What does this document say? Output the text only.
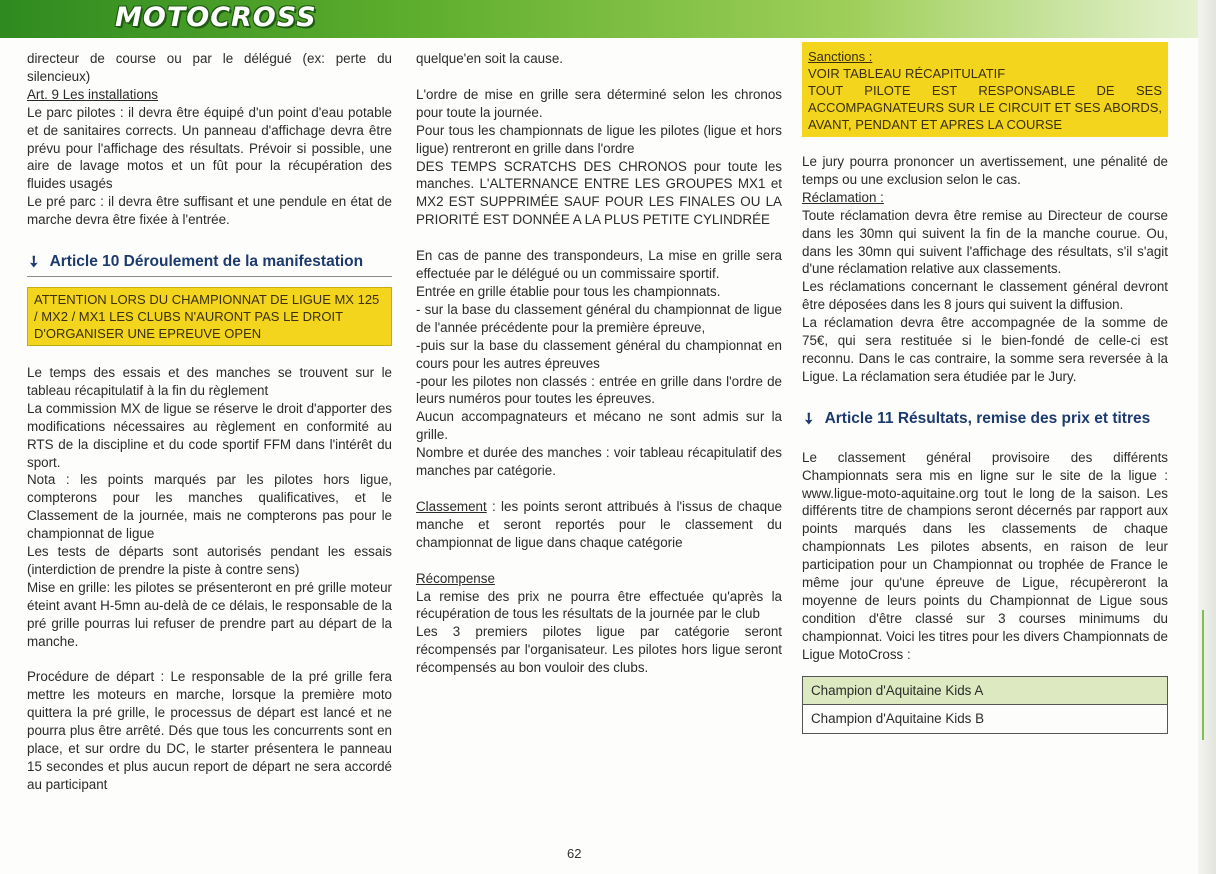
MOTOCROSS

directeur de course ou par le délégué (ex: perte du silencieux)

Art. 9 Les installations

Le parc pilotes : il devra être équipé d'un point d'eau potable et de sanitaires corrects. Un panneau d'affichage devra être prévu pour l'affichage des résultats. Prévoir si possible, une aire de lavage motos et un fût pour la récupération des fluides usagés

Le pré parc : il devra être suffisant et une pendule en état de marche devra être fixée à l'entrée.

➘ Article 10 Déroulement de la manifestation
ATTENTION LORS DU CHAMPIONNAT DE LIGUE MX 125 / MX2 / MX1 LES CLUBS N'AURONT PAS LE DROIT D'ORGANISER UNE EPREUVE OPEN

Le temps des essais et des manches se trouvent sur le tableau récapitulatif à la fin du règlement

La commission MX de ligue se réserve le droit d'apporter des modifications nécessaires au règlement en conformité au RTS de la discipline et du code sportif FFM dans l'intérêt du sport.

Nota : les points marqués par les pilotes hors ligue, compterons pour les manches qualificatives, et le Classement de la journée, mais ne compterons pas pour le championnat de ligue

Les tests de départs sont autorisés pendant les essais (interdiction de prendre la piste à contre sens)

Mise en grille: les pilotes se présenteront en pré grille moteur éteint avant H-5mn au-delà de ce délais, le responsable de la pré grille pourras lui refuser de prendre part au départ de la manche.

Procédure de départ : Le responsable de la pré grille fera mettre les moteurs en marche, lorsque la première moto quittera la pré grille, le processus de départ est lancé et ne pourra plus être arrêté. Dés que tous les concurrents sont en place, et sur ordre du DC, le starter présentera le panneau 15 secondes et plus aucun report de départ ne sera accordé au participant

quelque'en soit la cause.

L'ordre de mise en grille sera déterminé selon les chronos pour toute la journée.

Pour tous les championnats de ligue les pilotes (ligue et hors ligue) rentreront en grille dans l'ordre

DES TEMPS SCRATCHS DES CHRONOS pour toute les manches. L'ALTERNANCE ENTRE LES GROUPES MX1 et MX2 EST SUPPRIMÉE SAUF POUR LES FINALES OU LA PRIORITÉ EST DONNÉE A LA PLUS PETITE CYLINDRÉE

En cas de panne des transpondeurs, La mise en grille sera effectuée par le délégué ou un commissaire sportif.

Entrée en grille établie pour tous les championnats.

- sur la base du classement général du championnat de ligue de l'année précédente pour la première épreuve,

-puis sur la base du classement général du championnat en cours pour les autres épreuves

-pour les pilotes non classés : entrée en grille dans l'ordre de leurs numéros pour toutes les épreuves.

Aucun accompagnateurs et mécano ne sont admis sur la grille.

Nombre et durée des manches : voir tableau récapitulatif des manches par catégorie.

Classement : les points seront attribués à l'issus de chaque manche et seront reportés pour le classement du championnat de ligue dans chaque catégorie

Récompense

La remise des prix ne pourra être effectuée qu'après la récupération de tous les résultats de la journée par le club

Les 3 premiers pilotes ligue par catégorie seront récompensés par l'organisateur. Les pilotes hors ligue seront récompensés au bon vouloir des clubs.

Sanctions :
VOIR TABLEAU RÉCAPITULATIF
TOUT PILOTE EST RESPONSABLE DE SES ACCOMPAGNATEURS SUR LE CIRCUIT ET SES ABORDS, AVANT, PENDANT ET APRES LA COURSE

Le jury pourra prononcer un avertissement, une pénalité de temps ou une exclusion selon le cas.

Réclamation :

Toute réclamation devra être remise au Directeur de course dans les 30mn qui suivent la fin de la manche courue. Ou, dans les 30mn qui suivent l'affichage des résultats, s'il s'agit d'une réclamation relative aux classements.

Les réclamations concernant le classement général devront être déposées dans les 8 jours qui suivent la diffusion.

La réclamation devra être accompagnée de la somme de 75€, qui sera restituée si le bien-fondé de celle-ci est reconnu. Dans le cas contraire, la somme sera reversée à la Ligue. La réclamation sera étudiée par le Jury.

➘ Article 11 Résultats, remise des prix et titres

Le classement général provisoire des différents Championnats sera mis en ligne sur le site de la ligue : www.ligue-moto-aquitaine.org tout le long de la saison. Les différents titre de champions seront décernés par rapport aux points marqués dans les classements de chaque championnats Les pilotes absents, en raison de leur participation pour un Championnat ou trophée de France le même jour qu'une épreuve de Ligue, récupèreront la moyenne de leurs points du Championnat de Ligue sous condition d'être classé sur 3 courses minimums du championnat. Voici les titres pour les divers Championnats de Ligue MotoCross :

Champion d'Aquitaine Kids A
Champion d'Aquitaine Kids B
62
